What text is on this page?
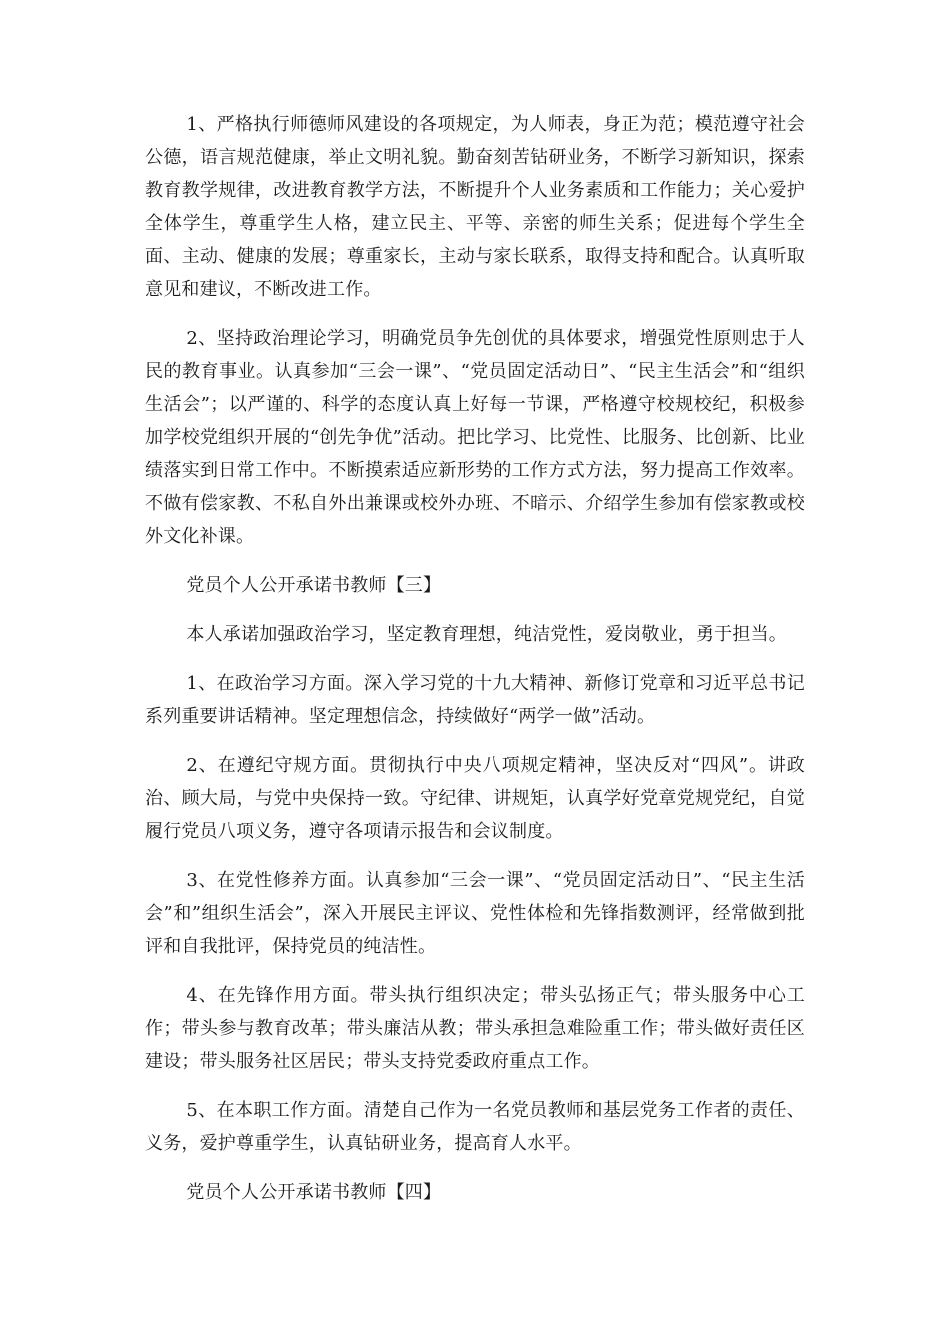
1、严格执行师德师风建设的各项规定，为人师表，身正为范；模范遵守社会公德，语言规范健康，举止文明礼貌。勤奋刻苦钻研业务，不断学习新知识，探索教育教学规律，改进教育教学方法，不断提升个人业务素质和工作能力；关心爱护全体学生，尊重学生人格，建立民主、平等、亲密的师生关系；促进每个学生全面、主动、健康的发展；尊重家长，主动与家长联系，取得支持和配合。认真听取意见和建议，不断改进工作。

2、坚持政治理论学习，明确党员争先创优的具体要求，增强党性原则忠于人民的教育事业。认真参加“三会一课”、“党员固定活动日”、“民主生活会”和“组织生活会”；以严谨的、科学的态度认真上好每一节课，严格遵守校规校纪，积极参加学校党组织开展的“创先争优”活动。把比学习、比党性、比服务、比创新、比业绩落实到日常工作中。不断摸索适应新形势的工作方式方法，努力提高工作效率。不做有偿家教、不私自外出兼课或校外办班、不暗示、介绍学生参加有偿家教或校外文化补课。

党员个人公开承诺书教师【三】

本人承诺加强政治学习，坚定教育理想，纯洁党性，爱岗敬业，勇于担当。

1、在政治学习方面。深入学习党的十九大精神、新修订党章和习近平总书记系列重要讲话精神。坚定理想信念，持续做好“两学一做”活动。

2、在遵纪守规方面。贯彻执行中央八项规定精神，坚决反对“四风”。讲政治、顾大局，与党中央保持一致。守纪律、讲规矩，认真学好党章党规党纪，自觉履行党员八项义务，遵守各项请示报告和会议制度。

3、在党性修养方面。认真参加“三会一课”、“党员固定活动日”、“民主生活会”和”组织生活会”，深入开展民主评议、党性体检和先锋指数测评，经常做到批评和自我批评，保持党员的纯洁性。

4、在先锋作用方面。带头执行组织决定；带头弘扬正气；带头服务中心工作；带头参与教育改革；带头廉洁从教；带头承担急难险重工作；带头做好责任区建设；带头服务社区居民；带头支持党委政府重点工作。

5、在本职工作方面。清楚自己作为一名党员教师和基层党务工作者的责任、义务，爱护尊重学生，认真钻研业务，提高育人水平。

党员个人公开承诺书教师【四】
